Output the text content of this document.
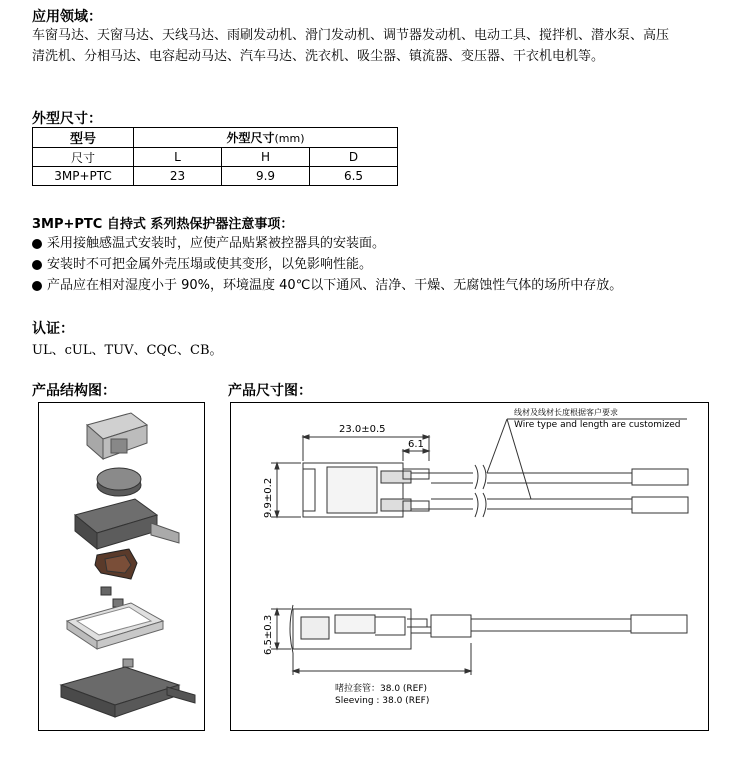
应用领域：
车窗马达、天窗马达、天线马达、雨刷发动机、滑门发动机、调节器发动机、电动工具、搅拌机、潜水泵、高压
清洗机、分相马达、电容起动马达、汽车马达、洗衣机、吸尘器、镇流器、变压器、干衣机电机等。
外型尺寸：
型号	外型尺寸(mm)		
尺寸	L	H	D
3MP+PTC	23	9.9	6.5
3MP+PTC 自持式 系列热保护器注意事项：
采用接触感温式安装时，应使产品贴紧被控器具的安装面。
安装时不可把金属外壳压塌或使其变形，以免影响性能。
产品应在相对湿度小于 90%，环境温度 40℃以下通风、洁净、干燥、无腐蚀性气体的场所中存放。
认证：
UL、cUL、TUV、CQC、CB。
产品结构图：	产品尺寸图：
23.0±0.5
6.1
线材及线材长度根据客户要求
Wire type and length are customized
9.9±0.2
6.5±0.3
啫拉套管：38.0 (REF)
Sleeving : 38.0 (REF)
